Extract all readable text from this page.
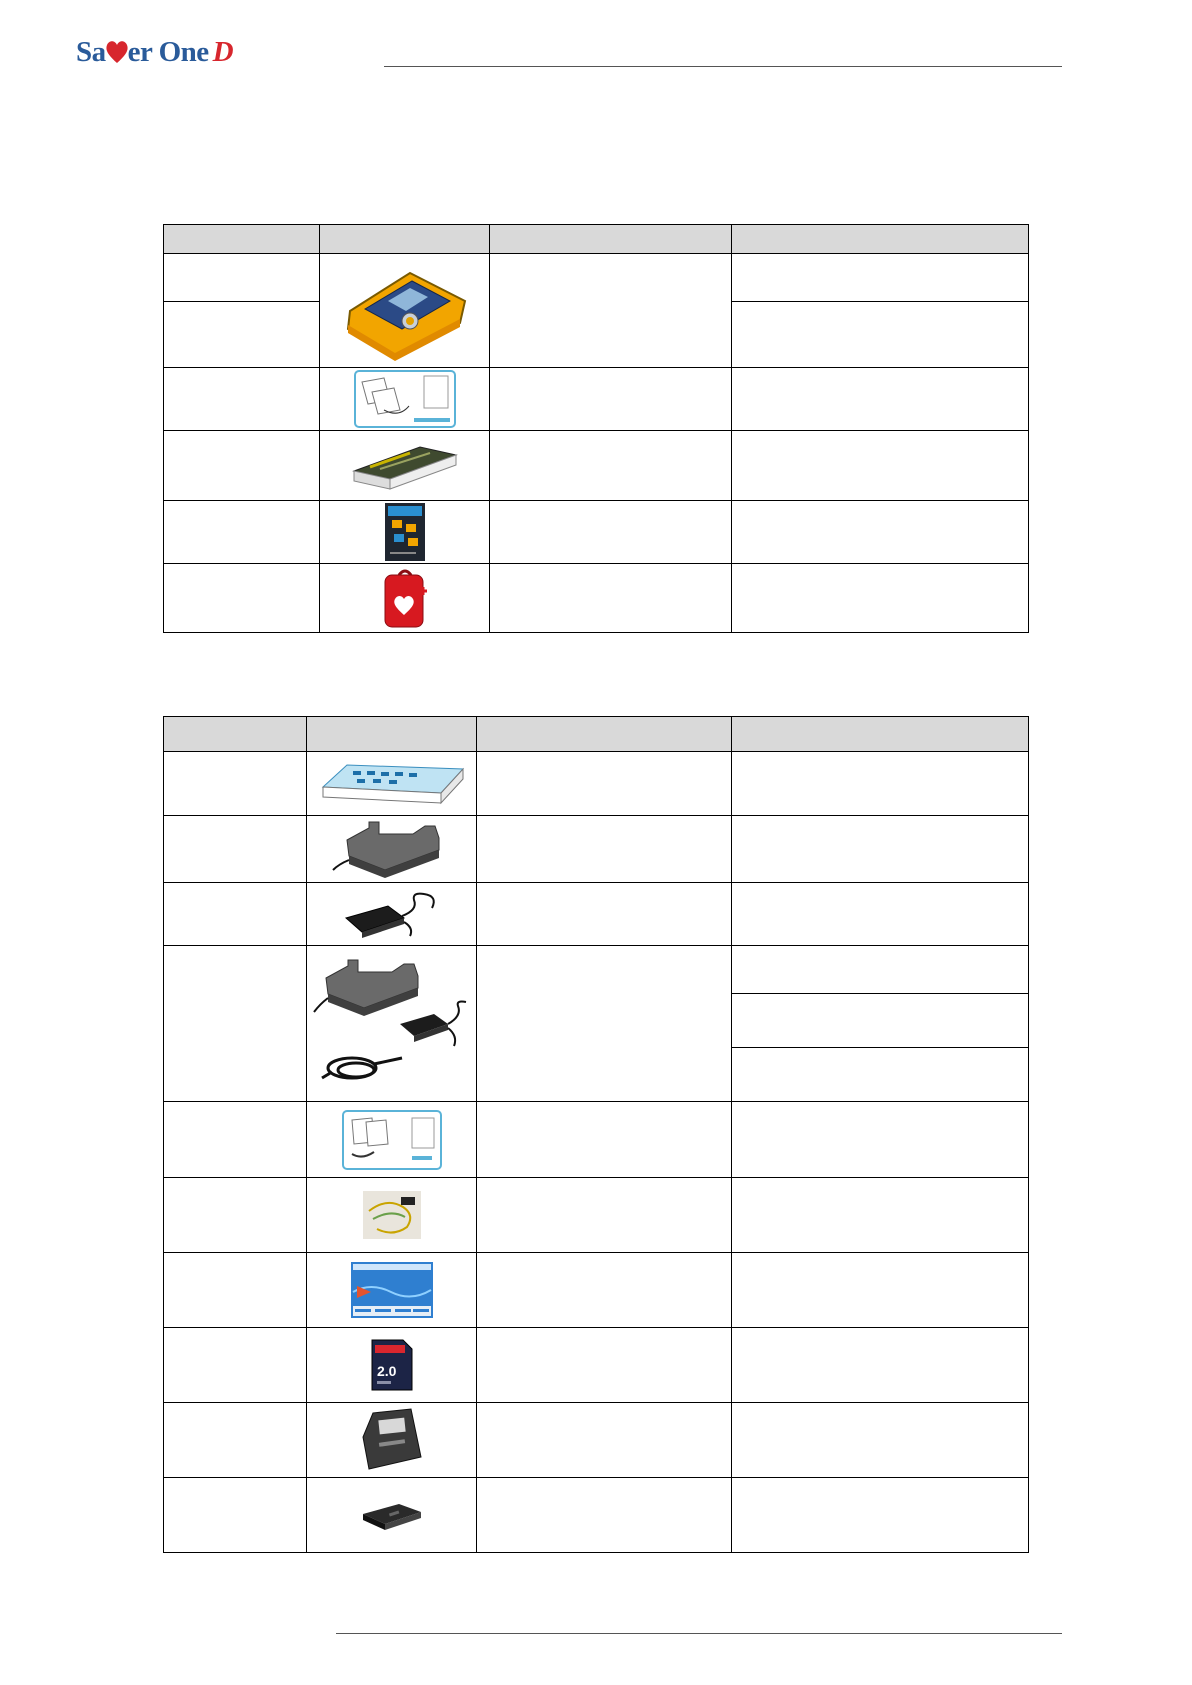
Sa er One D

2.0		
